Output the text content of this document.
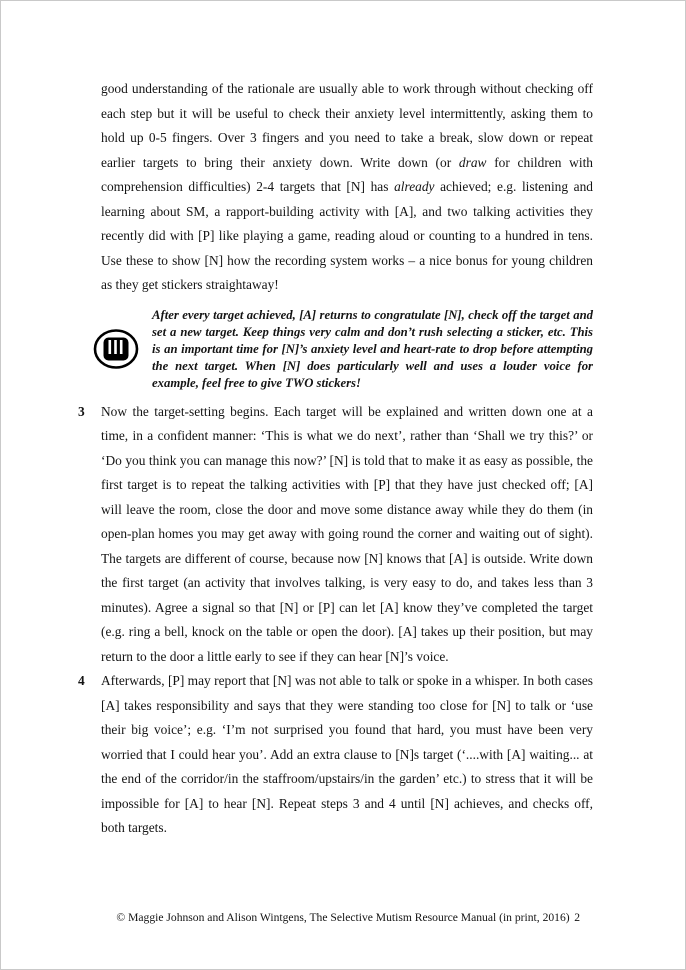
good understanding of the rationale are usually able to work through without checking off each step but it will be useful to check their anxiety level intermittently, asking them to hold up 0-5 fingers. Over 3 fingers and you need to take a break, slow down or repeat earlier targets to bring their anxiety down. Write down (or draw for children with comprehension difficulties) 2-4 targets that [N] has already achieved; e.g. listening and learning about SM, a rapport-building activity with [A], and two talking activities they recently did with [P] like playing a game, reading aloud or counting to a hundred in tens. Use these to show [N] how the recording system works – a nice bonus for young children as they get stickers straightaway!

After every target achieved, [A] returns to congratulate [N], check off the target and set a new target. Keep things very calm and don’t rush selecting a sticker, etc. This is an important time for [N]’s anxiety level and heart-rate to drop before attempting the next target. When [N] does particularly well and uses a louder voice for example, feel free to give TWO stickers!

3	Now the target-setting begins. Each target will be explained and written down one at a time, in a confident manner: ‘This is what we do next’, rather than ‘Shall we try this?’ or ‘Do you think you can manage this now?’ [N] is told that to make it as easy as possible, the first target is to repeat the talking activities with [P] that they have just checked off; [A] will leave the room, close the door and move some distance away while they do them (in open-plan homes you may get away with going round the corner and waiting out of sight). The targets are different of course, because now [N] knows that [A] is outside. Write down the first target (an activity that involves talking, is very easy to do, and takes less than 3 minutes). Agree a signal so that [N] or [P] can let [A] know they’ve completed the target (e.g. ring a bell, knock on the table or open the door). [A] takes up their position, but may return to the door a little early to see if they can hear [N]’s voice.

4	Afterwards, [P] may report that [N] was not able to talk or spoke in a whisper. In both cases [A] takes responsibility and says that they were standing too close for [N] to talk or ‘use their big voice’; e.g. ‘I’m not surprised you found that hard, you must have been very worried that I could hear you’. Add an extra clause to [N]s target (‘....with [A] waiting... at the end of the corridor/in the staffroom/upstairs/in the garden’ etc.) to stress that it will be impossible for [A] to hear [N]. Repeat steps 3 and 4 until [N] achieves, and checks off, both targets.

© Maggie Johnson and Alison Wintgens, The Selective Mutism Resource Manual (in print, 2016) 2
